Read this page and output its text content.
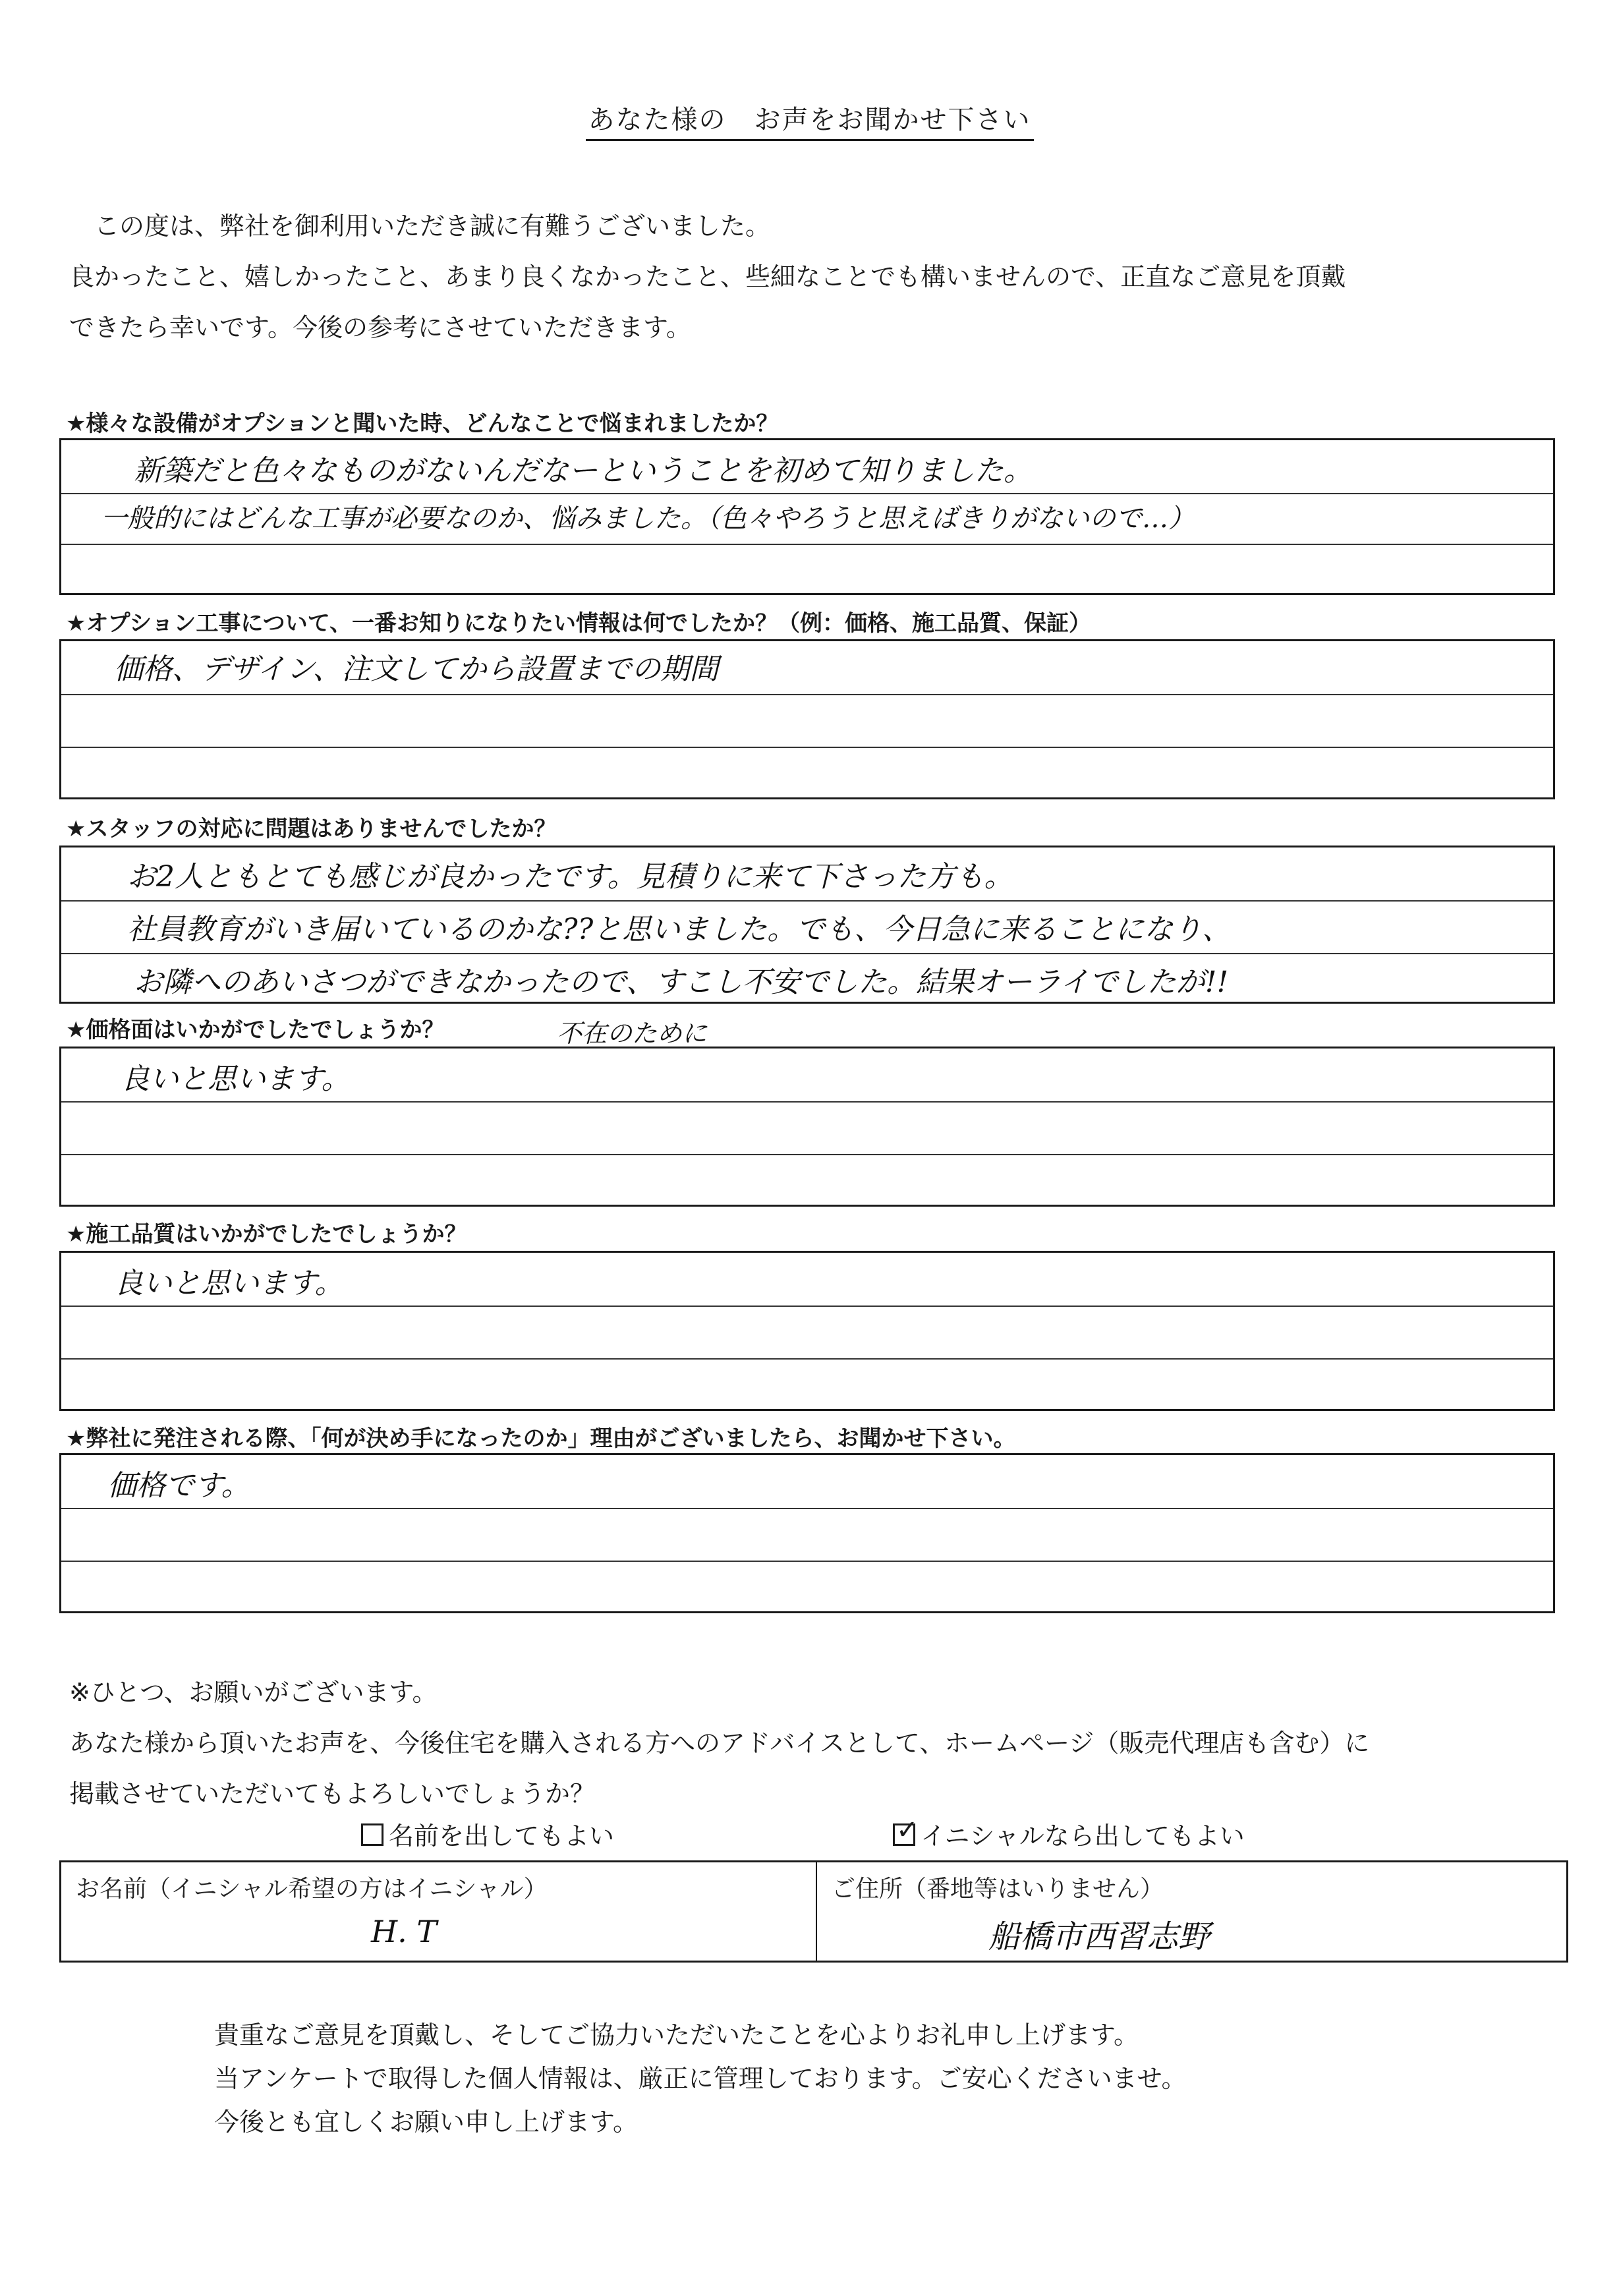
あなた様の　お声をお聞かせ下さい

　この度は、弊社を御利用いただき誠に有難うございました。

良かったこと、嬉しかったこと、あまり良くなかったこと、些細なことでも構いませんので、正直なご意見を頂戴

できたら幸いです。今後の参考にさせていただきます。

★様々な設備がオプションと聞いた時、どんなことで悩まれましたか？
新築だと色々なものがないんだなーということを初めて知りました。
一般的にはどんな工事が必要なのか、悩みました。（色々やろうと思えばきりがないので…）
★オプション工事について、一番お知りになりたい情報は何でしたか？（例：価格、施工品質、保証）
価格、デザイン、注文してから設置までの期間
★スタッフの対応に問題はありませんでしたか？
お2人ともとても感じが良かったです。見積りに来て下さった方も。
社員教育がいき届いているのかな??と思いました。でも、今日急に来ることになり、
お隣へのあいさつができなかったので、すこし不安でした。結果オーライでしたが!!
不在のために
★価格面はいかがでしたでしょうか？
良いと思います。
★施工品質はいかがでしたでしょうか？
良いと思います。
★弊社に発注される際、「何が決め手になったのか」理由がございましたら、お聞かせ下さい。
価格です。

※ひとつ、お願いがございます。

あなた様から頂いたお声を、今後住宅を購入される方へのアドバイスとして、ホームページ（販売代理店も含む）に

掲載させていただいてもよろしいでしょうか？

名前を出してもよい	✓ イニシャルなら出してもよい
お名前（イニシャル希望の方はイニシャル）
H. T
ご住所（番地等はいりません）
船橋市西習志野

貴重なご意見を頂戴し、そしてご協力いただいたことを心よりお礼申し上げます。

当アンケートで取得した個人情報は、厳正に管理しております。ご安心くださいませ。

今後とも宜しくお願い申し上げます。
